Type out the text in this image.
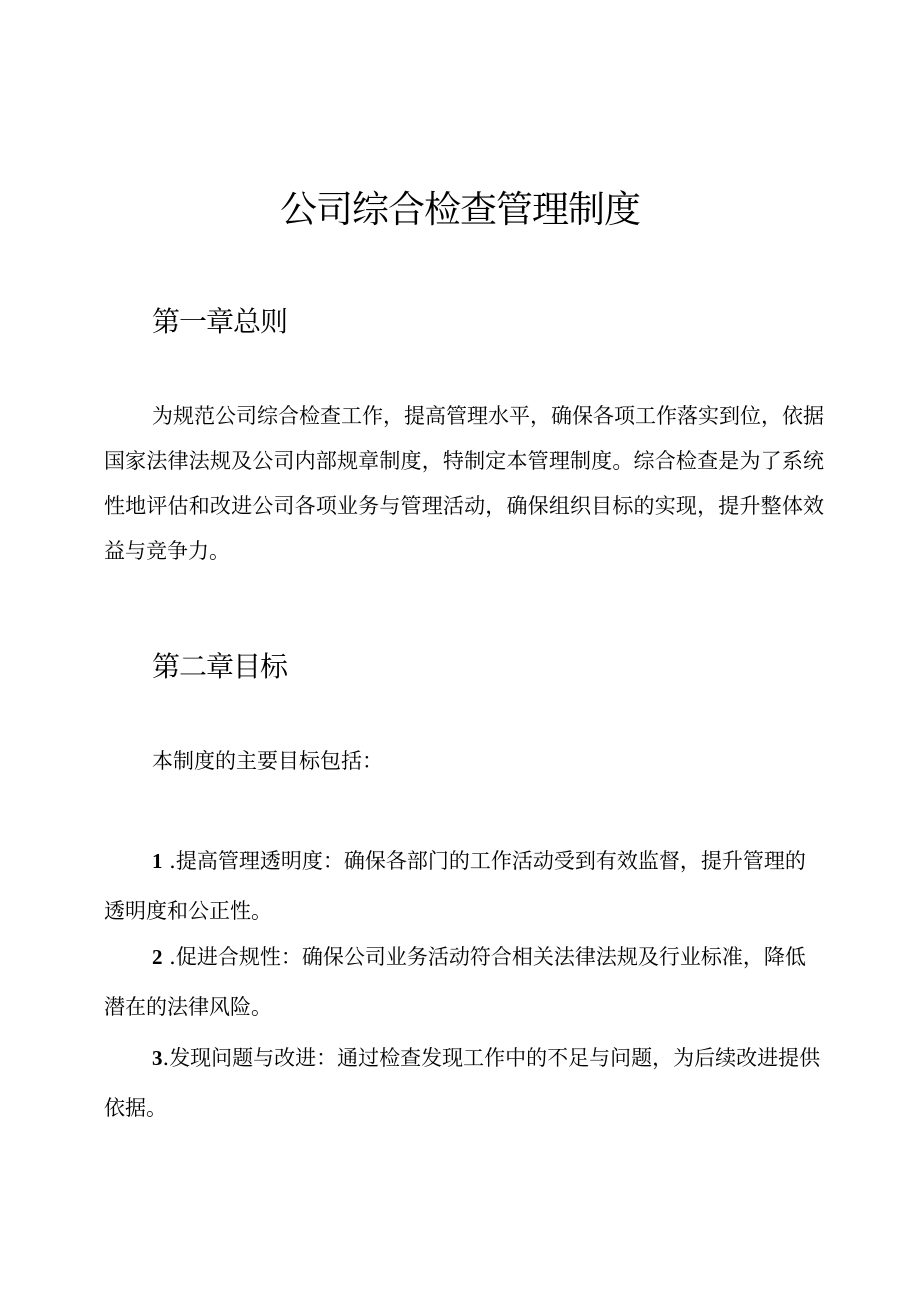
公司综合检查管理制度
第一章总则

为规范公司综合检查工作，提高管理水平，确保各项工作落实到位，依据国家法律法规及公司内部规章制度，特制定本管理制度。综合检查是为了系统性地评估和改进公司各项业务与管理活动，确保组织目标的实现，提升整体效益与竞争力。

第二章目标

本制度的主要目标包括：

1 .提高管理透明度：确保各部门的工作活动受到有效监督，提升管理的透明度和公正性。

2 .促进合规性：确保公司业务活动符合相关法律法规及行业标准，降低潜在的法律风险。

3.发现问题与改进：通过检查发现工作中的不足与问题，为后续改进提供依据。
